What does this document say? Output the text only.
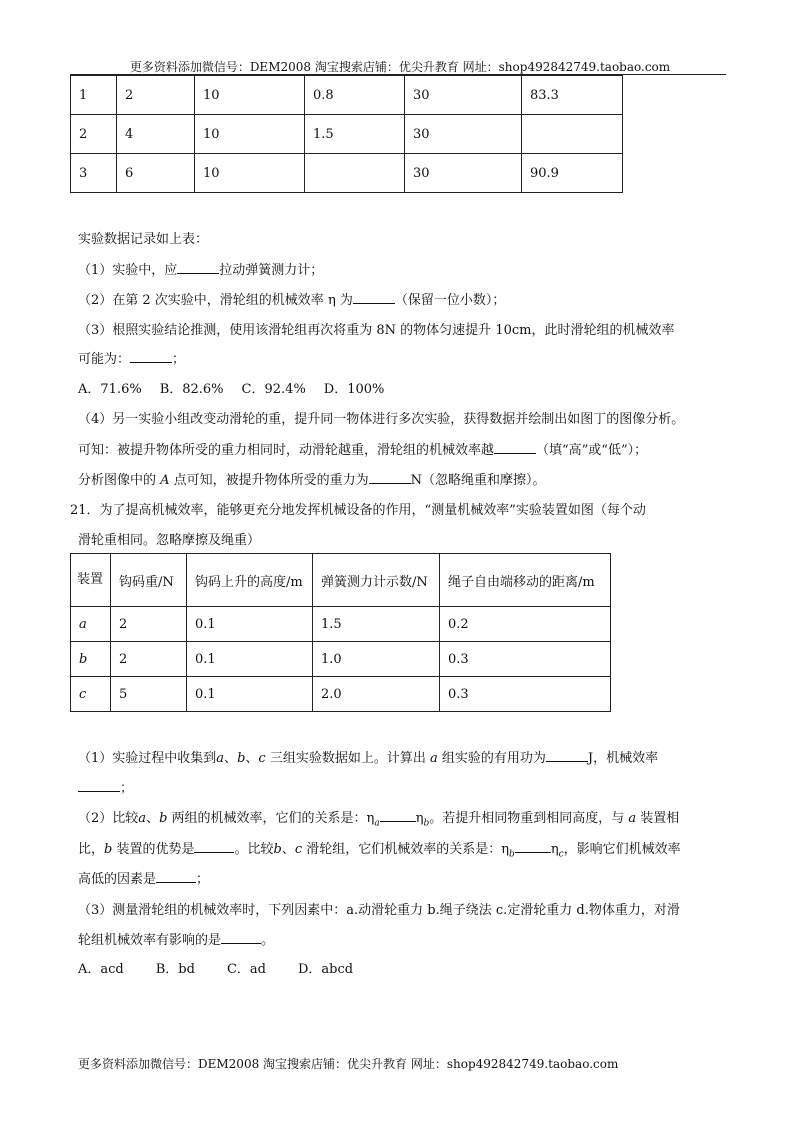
更多资料添加微信号：DEM2008 淘宝搜索店铺：优尖升教育 网址：shop492842749.taobao.com
1	2	10	0.8	30	83.3
2	4	10	1.5	30	
3	6	10		30	90.9
实验数据记录如上表：
（1）实验中，应	拉动弹簧测力计；
（2）在第 2 次实验中，滑轮组的机械效率 η 为	（保留一位小数）；
（3）根照实验结论推测，使用该滑轮组再次将重为 8N 的物体匀速提升 10cm，此时滑轮组的机械效率
可能为：	；
A．71.6% B．82.6% C．92.4% D．100%
（4）另一实验小组改变动滑轮的重，提升同一物体进行多次实验，获得数据并绘制出如图丁的图像分析。
可知：被提升物体所受的重力相同时，动滑轮越重，滑轮组的机械效率越	（填“高”或“低”）；
分析图像中的 A 点可知，被提升物体所受的重力为	N（忽略绳重和摩擦）。
21．为了提高机械效率，能够更充分地发挥机械设备的作用，“测量机械效率”实验装置如图（每个动
滑轮重相同。忽略摩擦及绳重）
装置	钩码重/N	钩码上升的高度/m	弹簧测力计示数/N	绳子自由端移动的距离/m
a	2	0.1	1.5	0.2
b	2	0.1	1.0	0.3
c	5	0.1	2.0	0.3
（1）实验过程中收集到a、b、c 三组实验数据如上。计算出 a 组实验的有用功为	J，机械效率
；
（2）比较a、b 两组的机械效率，它们的关系是：$\eta_a$	$\eta_b$。若提升相同物重到相同高度，与 a 装置相
比，b 装置的优势是	。比较b、c 滑轮组，它们机械效率的关系是：$\eta_b$	$\eta_c$，影响它们机械效率
高低的因素是	；
（3）测量滑轮组的机械效率时，下列因素中：a.动滑轮重力 b.绳子绕法 c.定滑轮重力 d.物体重力，对滑
轮组机械效率有影响的是	。
A．acd B．bd C．ad D．abcd
更多资料添加微信号：DEM2008 淘宝搜索店铺：优尖升教育 网址：shop492842749.taobao.com
